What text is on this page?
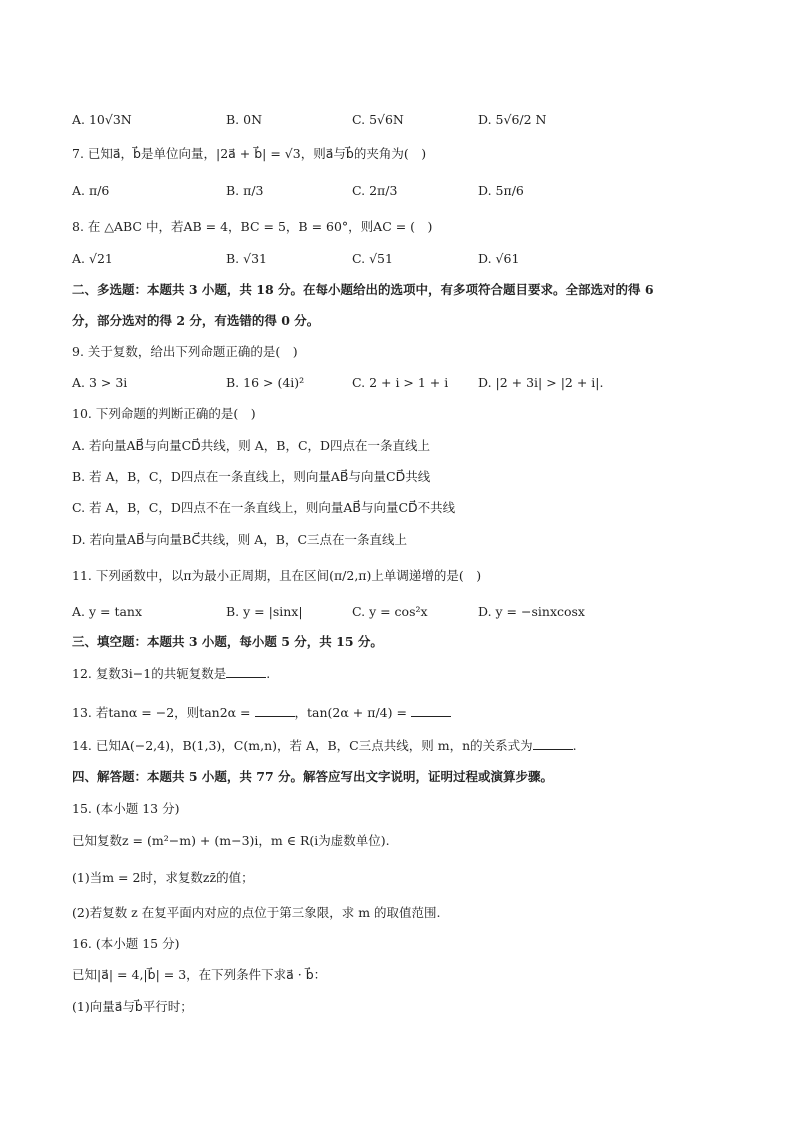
A. 10√3N	B. 0N	C. 5√6N	D. 5√6/2 N
7. 已知a⃗，b⃗是单位向量，|2a⃗ + b⃗| = √3，则a⃗与b⃗的夹角为(　)
A. π/6	B. π/3	C. 2π/3	D. 5π/6
8. 在 △ABC 中，若AB = 4，BC = 5，B = 60°，则AC = (　)
A. √21	B. √31	C. √51	D. √61
二、多选题：本题共 3 小题，共 18 分。在每小题给出的选项中，有多项符合题目要求。全部选对的得 6
分，部分选对的得 2 分，有选错的得 0 分。
9. 关于复数，给出下列命题正确的是(　)
A. 3 > 3i	B. 16 > (4i)²	C. 2 + i > 1 + i D. |2 + 3i| > |2 + i|.
10. 下列命题的判断正确的是(　)
A. 若向量AB⃗与向量CD⃗共线，则 A，B，C，D四点在一条直线上
B. 若 A，B，C，D四点在一条直线上，则向量AB⃗与向量CD⃗共线
C. 若 A，B，C，D四点不在一条直线上，则向量AB⃗与向量CD⃗不共线
D. 若向量AB⃗与向量BC⃗共线，则 A，B，C三点在一条直线上
11. 下列函数中，以π为最小正周期，且在区间(π/2,π)上单调递增的是(　)
A. y = tanx	B. y = |sinx|	C. y = cos²x	D. y = −sinxcosx
三、填空题：本题共 3 小题，每小题 5 分，共 15 分。
12. 复数3i−1的共轭复数是	.
13. 若tanα = −2，则tan2α =	，tan(2α + π/4) =
14. 已知A(−2,4)，B(1,3)，C(m,n)，若 A，B，C三点共线，则 m，n的关系式为	.
四、解答题：本题共 5 小题，共 77 分。解答应写出文字说明，证明过程或演算步骤。
15. (本小题 13 分)
已知复数z = (m²−m) + (m−3)i，m ∈ R(i为虚数单位).
(1)当m = 2时，求复数zz̄的值；
(2)若复数 z 在复平面内对应的点位于第三象限，求 m 的取值范围.
16. (本小题 15 分)
已知|a⃗| = 4,|b⃗| = 3，在下列条件下求a⃗ · b⃗：
(1)向量a⃗与b⃗平行时；
